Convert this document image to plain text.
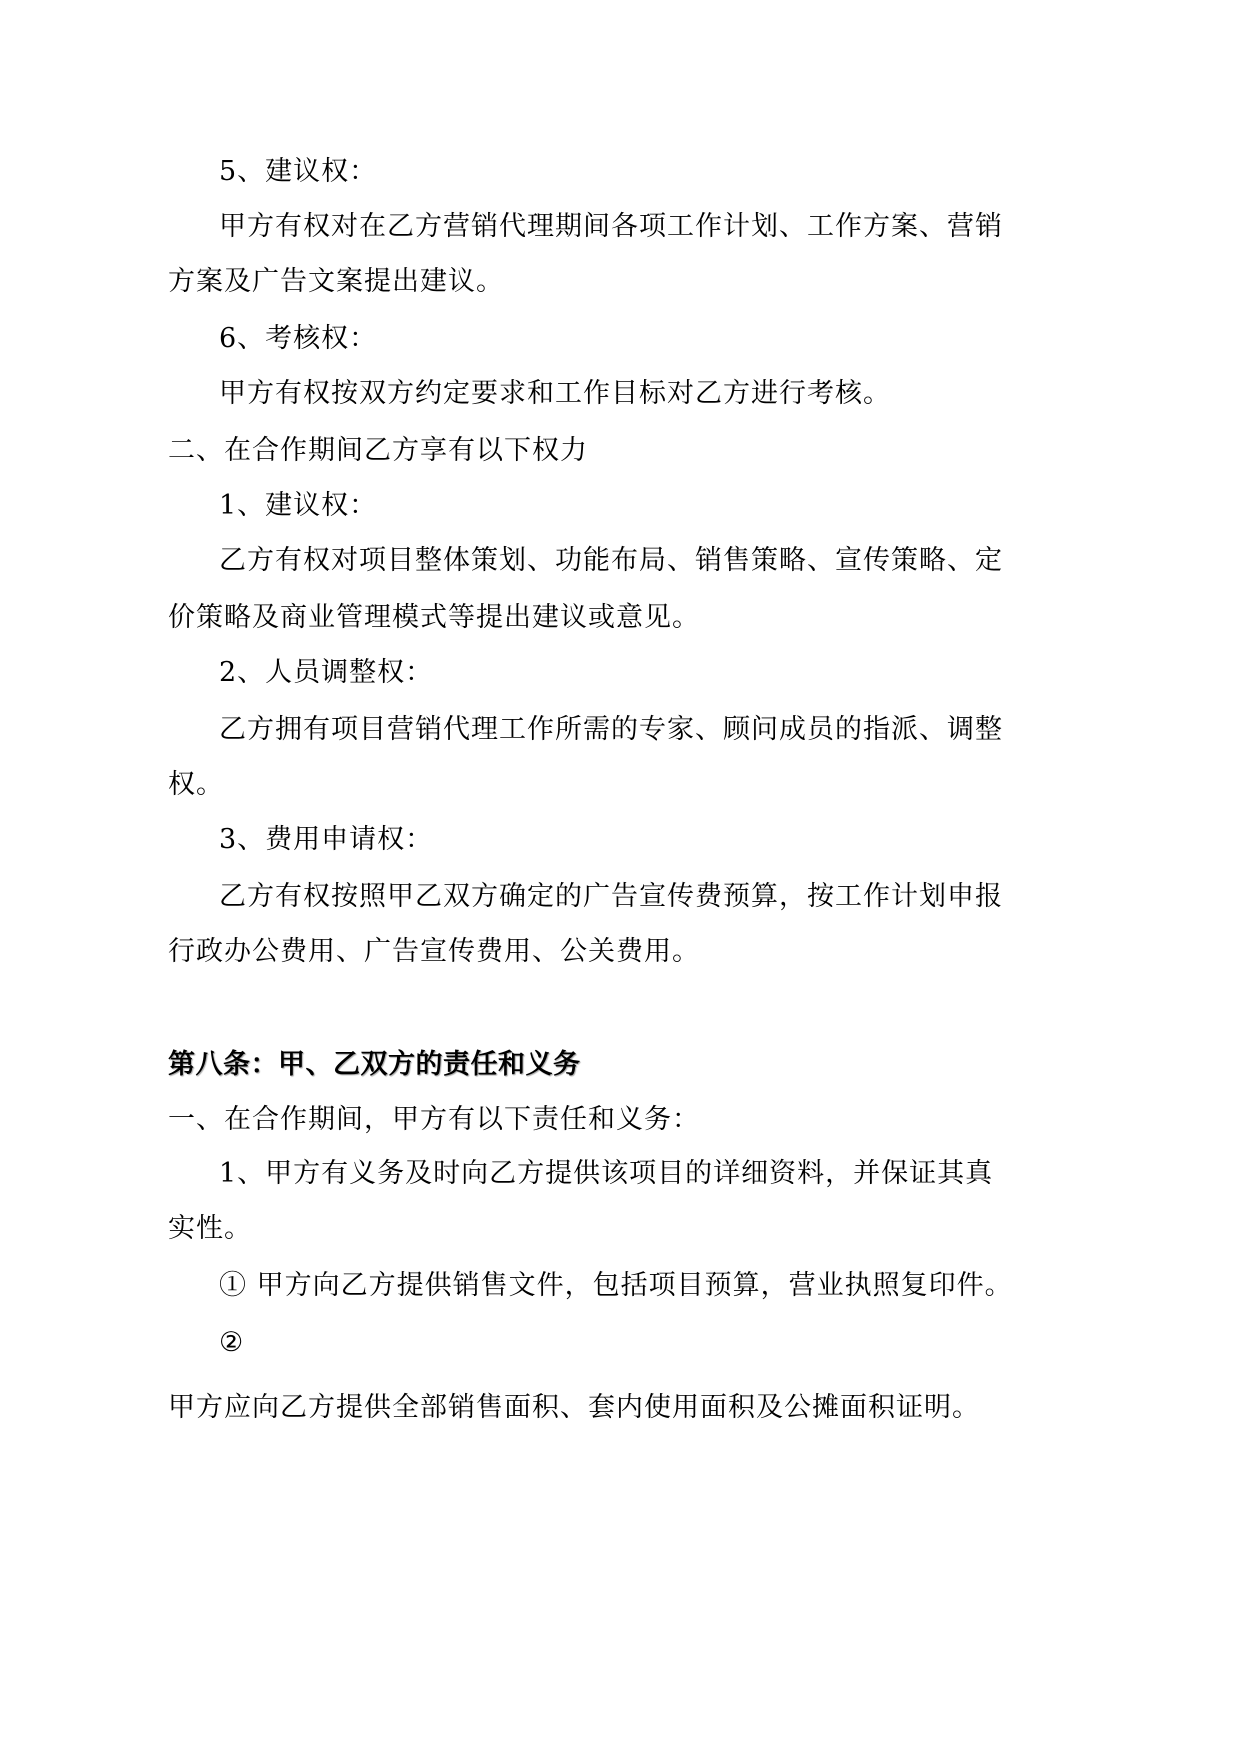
5、建议权：
甲方有权对在乙方营销代理期间各项工作计划、工作方案、营销
方案及广告文案提出建议。
6、考核权：
甲方有权按双方约定要求和工作目标对乙方进行考核。
二、在合作期间乙方享有以下权力
1、建议权：
乙方有权对项目整体策划、功能布局、销售策略、宣传策略、定
价策略及商业管理模式等提出建议或意见。
2、人员调整权：
乙方拥有项目营销代理工作所需的专家、顾问成员的指派、调整
权。
3、费用申请权：
乙方有权按照甲乙双方确定的广告宣传费预算，按工作计划申报
行政办公费用、广告宣传费用、公关费用。
第八条：甲、乙双方的责任和义务
一、在合作期间，甲方有以下责任和义务：
1、甲方有义务及时向乙方提供该项目的详细资料，并保证其真
实性。
① 甲方向乙方提供销售文件，包括项目预算，营业执照复印件。
②
甲方应向乙方提供全部销售面积、套内使用面积及公摊面积证明。
